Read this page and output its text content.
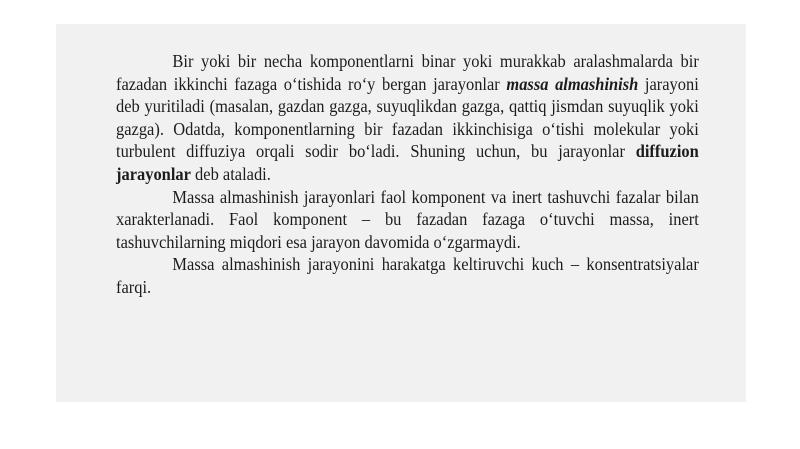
Bir yoki bir necha komponentlarni binar yoki murakkab aralashmalarda bir fazadan ikkinchi fazaga o‘tishida ro‘y bergan jarayonlar massa almashinish jarayoni deb yuritiladi (masalan, gazdan gazga, suyuqlikdan gazga, qattiq jismdan suyuqlik yoki gazga). Odatda, komponentlarning bir fazadan ikkinchisiga o‘tishi molekular yoki turbulent diffuziya orqali sodir bo‘ladi. Shuning uchun, bu jarayonlar diffuzion jarayonlar deb ataladi.

Massa almashinish jarayonlari faol komponent va inert tashuvchi fazalar bilan xarakterlanadi. Faol komponent – bu fazadan fazaga o‘tuvchi massa, inert tashuvchilarning miqdori esa jarayon davomida o‘zgarmaydi.

Massa almashinish jarayonini harakatga keltiruvchi kuch – konsentratsiyalar farqi.
